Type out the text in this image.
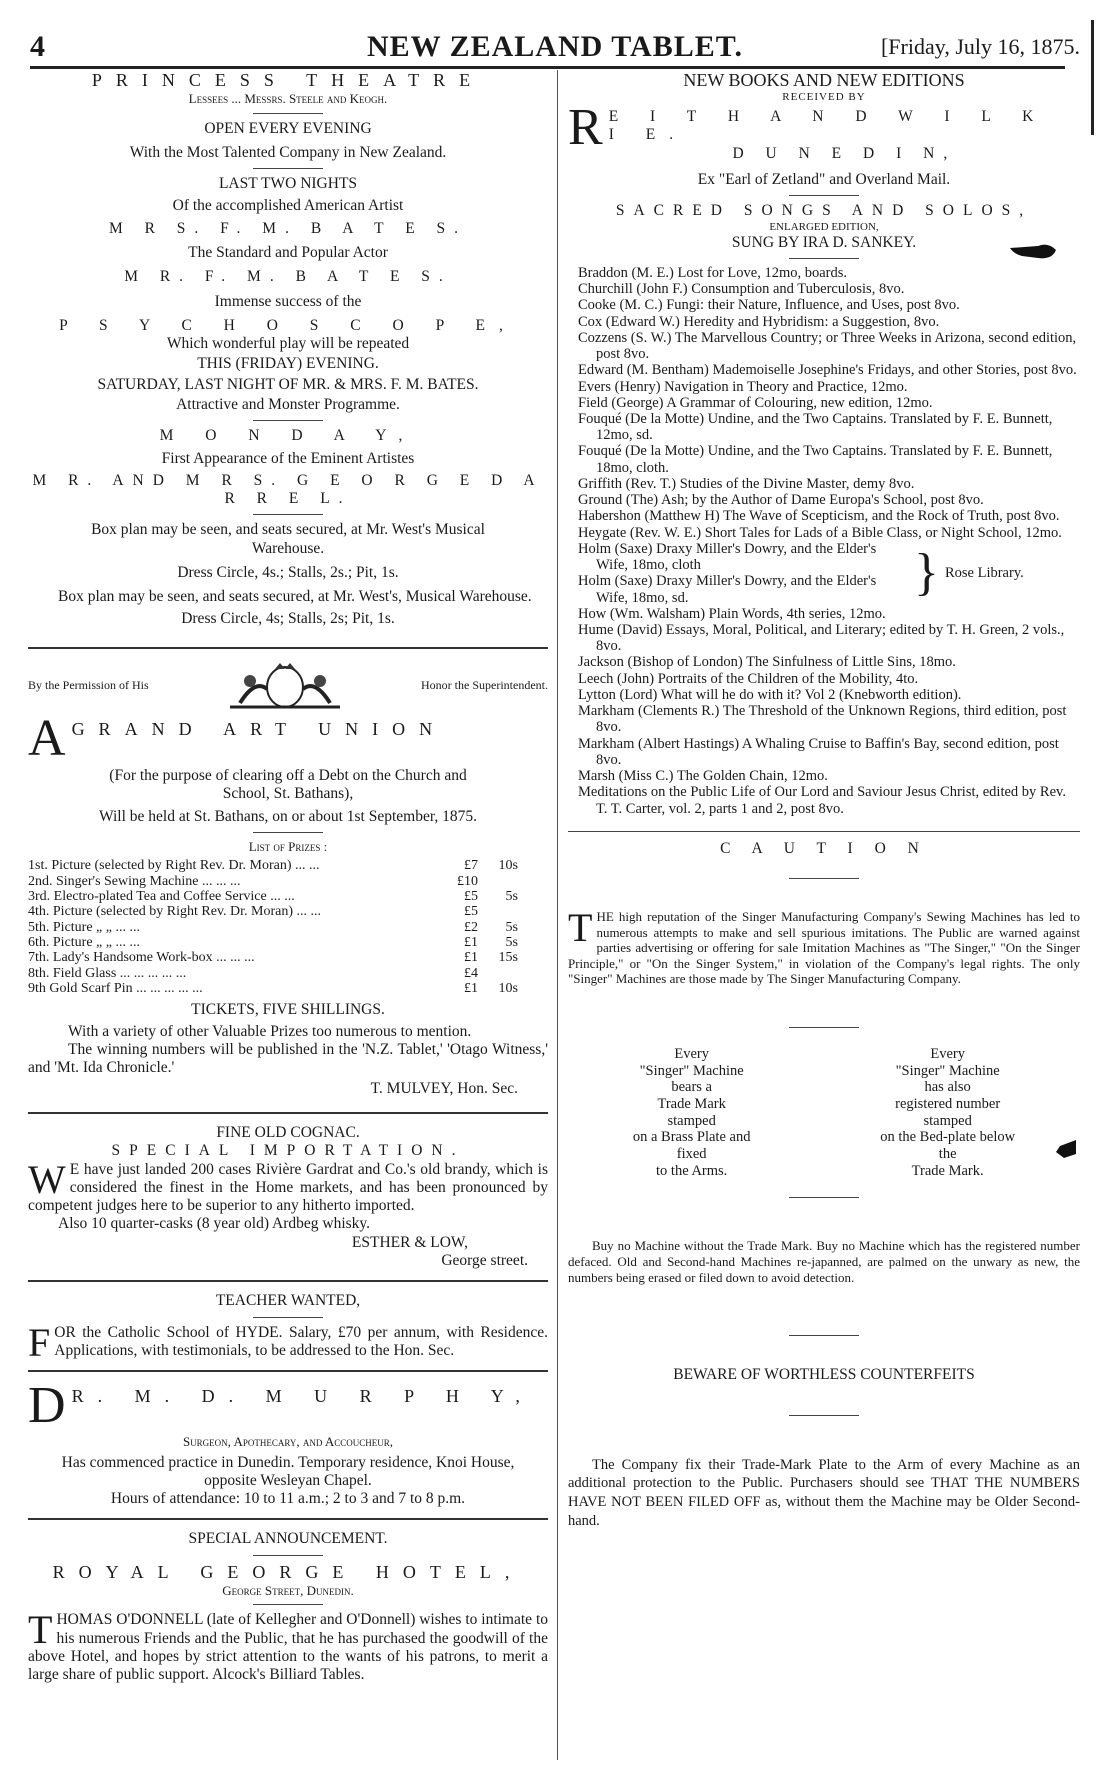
4	NEW ZEALAND TABLET.	[Friday, July 16, 1875.
PRINCESS THEATRE
Lessees ... Messrs. Steele and Keogh.
OPEN EVERY EVENING
With the Most Talented Company in New Zealand.
LAST TWO NIGHTS
Of the accomplished American Artist
M R S. F. M. B A T E S.
The Standard and Popular Actor
M R. F. M. B A T E S.
Immense success of the
P S Y C H O S C O P E,
Which wonderful play will be repeated
THIS (FRIDAY) EVENING.
SATURDAY, LAST NIGHT OF MR. & MRS. F. M. BATES.
Attractive and Monster Programme.
M O N D A Y,
First Appearance of the Eminent Artistes
M R. AND M R S. G E O R G E D A R R E L.
Box plan may be seen, and seats secured, at Mr. West's Musical Warehouse.
Dress Circle, 4s.; Stalls, 2s.; Pit, 1s.
Box plan may be seen, and seats secured, at Mr. West's, Musical Warehouse.
Dress Circle, 4s; Stalls, 2s; Pit, 1s.
By the Permission of His	Honor the Superintendent.
A GRAND ART UNION
(For the purpose of clearing off a Debt on the Church and School, St. Bathans),
Will be held at St. Bathans, on or about 1st September, 1875.
List of Prizes :
1st. Picture (selected by Right Rev. Dr. Moran) ... ...	£7	10s
2nd. Singer's Sewing Machine ... ... ...	£10
3rd. Electro-plated Tea and Coffee Service ... ...	£5	5s
4th. Picture (selected by Right Rev. Dr. Moran) ... ...	£5
5th. Picture „ „ ... ...	£2	5s
6th. Picture „ „ ... ...	£1	5s
7th. Lady's Handsome Work-box ... ... ...	£1	15s
8th. Field Glass ... ... ... ... ...	£4
9th Gold Scarf Pin ... ... ... ... ...	£1	10s
TICKETS, FIVE SHILLINGS.
With a variety of other Valuable Prizes too numerous to mention.
The winning numbers will be published in the 'N.Z. Tablet,' 'Otago Witness,' and 'Mt. Ida Chronicle.'
T. MULVEY, Hon. Sec.
FINE OLD COGNAC.
SPECIAL IMPORTATION.
W E have just landed 200 cases Rivière Gardrat and Co.'s old brandy, which is considered the finest in the Home markets, and has been pronounced by competent judges here to be superior to any hitherto imported.
Also 10 quarter-casks (8 year old) Ardbeg whisky.
ESTHER & LOW,
George street.
TEACHER WANTED,
F OR the Catholic School of HYDE. Salary, £70 per annum, with Residence. Applications, with testimonials, to be addressed to the Hon. Sec.
D R. M. D. M U R P H Y,
Surgeon, Apothecary, and Accoucheur,
Has commenced practice in Dunedin. Temporary residence, Knoi House, opposite Wesleyan Chapel.
Hours of attendance: 10 to 11 a.m.; 2 to 3 and 7 to 8 p.m.
SPECIAL ANNOUNCEMENT.
ROYAL GEORGE HOTEL,
George Street, Dunedin.
T HOMAS O'DONNELL (late of Kellegher and O'Donnell) wishes to intimate to his numerous Friends and the Public, that he has purchased the goodwill of the above Hotel, and hopes by strict attention to the wants of his patrons, to merit a large share of public support. Alcock's Billiard Tables.
NEW BOOKS AND NEW EDITIONS
RECEIVED BY
R E I T H A N D W I L K I E.
D U N E D I N,
Ex "Earl of Zetland" and Overland Mail.
SACRED SONGS AND SOLOS,
ENLARGED EDITION,
SUNG BY IRA D. SANKEY.
Braddon (M. E.) Lost for Love, 12mo, boards.
Churchill (John F.) Consumption and Tuberculosis, 8vo.
Cooke (M. C.) Fungi: their Nature, Influence, and Uses, post 8vo.
Cox (Edward W.) Heredity and Hybridism: a Suggestion, 8vo.
Cozzens (S. W.) The Marvellous Country; or Three Weeks in Arizona, second edition, post 8vo.
Edward (M. Bentham) Mademoiselle Josephine's Fridays, and other Stories, post 8vo.
Evers (Henry) Navigation in Theory and Practice, 12mo.
Field (George) A Grammar of Colouring, new edition, 12mo.
Fouqué (De la Motte) Undine, and the Two Captains. Translated by F. E. Bunnett, 12mo, sd.
Fouqué (De la Motte) Undine, and the Two Captains. Translated by F. E. Bunnett, 18mo, cloth.
Griffith (Rev. T.) Studies of the Divine Master, demy 8vo.
Ground (The) Ash; by the Author of Dame Europa's School, post 8vo.
Habershon (Matthew H) The Wave of Scepticism, and the Rock of Truth, post 8vo.
Heygate (Rev. W. E.) Short Tales for Lads of a Bible Class, or Night School, 12mo.
Holm (Saxe) Draxy Miller's Dowry, and the Elder's Wife, 18mo, cloth
Holm (Saxe) Draxy Miller's Dowry, and the Elder's Wife, 18mo, sd.	} Rose Library.
How (Wm. Walsham) Plain Words, 4th series, 12mo.
Hume (David) Essays, Moral, Political, and Literary; edited by T. H. Green, 2 vols., 8vo.
Jackson (Bishop of London) The Sinfulness of Little Sins, 18mo.
Leech (John) Portraits of the Children of the Mobility, 4to.
Lytton (Lord) What will he do with it? Vol 2 (Knebworth edition).
Markham (Clements R.) The Threshold of the Unknown Regions, third edition, post 8vo.
Markham (Albert Hastings) A Whaling Cruise to Baffin's Bay, second edition, post 8vo.
Marsh (Miss C.) The Golden Chain, 12mo.
Meditations on the Public Life of Our Lord and Saviour Jesus Christ, edited by Rev. T. T. Carter, vol. 2, parts 1 and 2, post 8vo.
C A U T I O N
T HE high reputation of the Singer Manufacturing Company's Sewing Machines has led to numerous attempts to make and sell spurious imitations. The Public are warned against parties advertising or offering for sale Imitation Machines as "The Singer," "On the Singer Principle," or "On the Singer System," in violation of the Company's legal rights. The only "Singer" Machines are those made by The Singer Manufacturing Company.
Every
"Singer" Machine
bears a
Trade Mark
stamped
on a Brass Plate and
fixed
to the Arms.
Every
"Singer" Machine
has also
registered number
stamped
on the Bed-plate below
the
Trade Mark.
Buy no Machine without the Trade Mark. Buy no Machine which has the registered number defaced. Old and Second-hand Machines re-japanned, are palmed on the unwary as new, the numbers being erased or filed down to avoid detection.
BEWARE OF WORTHLESS COUNTERFEITS
The Company fix their Trade-Mark Plate to the Arm of every Machine as an additional protection to the Public. Purchasers should see THAT THE NUMBERS HAVE NOT BEEN FILED OFF as, without them the Machine may be Older Second-hand.
